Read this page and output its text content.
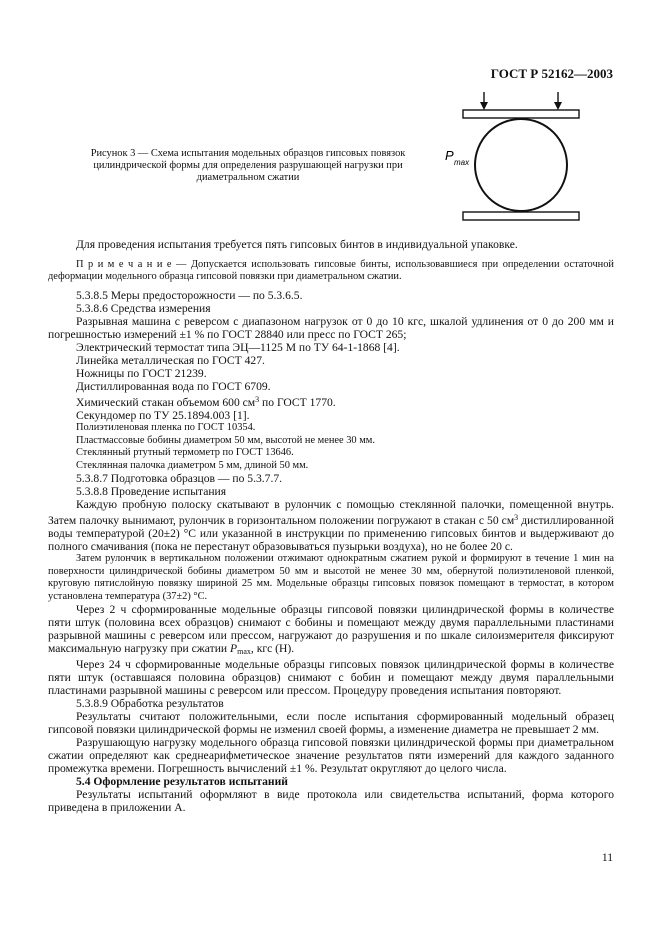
ГОСТ Р 52162—2003
Рисунок 3 — Схема испытания модельных образцов гипсовых повязок цилиндрической формы для определения разрушающей нагрузки при диаметральном сжатии
P max

Для проведения испытания требуется пять гипсовых бинтов в индивидуальной упаковке.

П р и м е ч а н и е — Допускается использовать гипсовые бинты, использовавшиеся при определении остаточной деформации модельного образца гипсовой повязки при диаметральном сжатии.

5.3.8.5 Меры предосторожности — по 5.3.6.5.

5.3.8.6 Средства измерения

Разрывная машина с реверсом с диапазоном нагрузок от 0 до 10 кгс, шкалой удлинения от 0 до 200 мм и погрешностью измерений ±1 % по ГОСТ 28840 или пресс по ГОСТ 265;

Электрический термостат типа ЭЦ—1125 М по ТУ 64-1-1868 [4].

Линейка металлическая по ГОСТ 427.

Ножницы по ГОСТ 21239.

Дистиллированная вода по ГОСТ 6709.

Химический стакан объемом 600 $см^3$ по ГОСТ 1770.

Секундомер по ТУ 25.1894.003 [1].

Полиэтиленовая пленка по ГОСТ 10354.

Пластмассовые бобины диаметром 50 мм, высотой не менее 30 мм.

Стеклянный ртутный термометр по ГОСТ 13646.

Стеклянная палочка диаметром 5 мм, длиной 50 мм.

5.3.8.7 Подготовка образцов — по 5.3.7.7.

5.3.8.8 Проведение испытания

Каждую пробную полоску скатывают в рулончик с помощью стеклянной палочки, помещенной внутрь. Затем палочку вынимают, рулончик в горизонтальном положении погружают в стакан с 50 $см^3$ дистиллированной воды температурой (20±2) °С или указанной в инструкции по применению гипсовых бинтов и выдерживают до полного смачивания (пока не перестанут образовываться пузырьки воздуха), но не более 20 с.

Затем рулончик в вертикальном положении отжимают однократным сжатием рукой и формируют в течение 1 мин на поверхности цилиндрической бобины диаметром 50 мм и высотой не менее 30 мм, обернутой полиэтиленовой пленкой, круговую пятислойную повязку шириной 25 мм. Модельные образцы гипсовых повязок помещают в термостат, в котором установлена температура (37±2) °С.

Через 2 ч сформированные модельные образцы гипсовой повязки цилиндрической формы в количестве пяти штук (половина всех образцов) снимают с бобины и помещают между двумя параллельными пластинами разрывной машины с реверсом или прессом, нагружают до разрушения и по шкале силоизмерителя фиксируют максимальную нагрузку при сжатии $P_{max}$, кгс (Н).

Через 24 ч сформированные модельные образцы гипсовых повязок цилиндрической формы в количестве пяти штук (оставшаяся половина образцов) снимают с бобин и помещают между двумя параллельными пластинами разрывной машины с реверсом или прессом. Процедуру проведения испытания повторяют.

5.3.8.9 Обработка результатов

Результаты считают положительными, если после испытания сформированный модельный образец гипсовой повязки цилиндрической формы не изменил своей формы, а изменение диаметра не превышает 2 мм.

Разрушающую нагрузку модельного образца гипсовой повязки цилиндрической формы при диаметральном сжатии определяют как среднеарифметическое значение результатов пяти измерений для каждого заданного промежутка времени. Погрешность вычислений ±1 %. Результат округляют до целого числа.

5.4 Оформление результатов испытаний

Результаты испытаний оформляют в виде протокола или свидетельства испытаний, форма которого приведена в приложении А.

11
